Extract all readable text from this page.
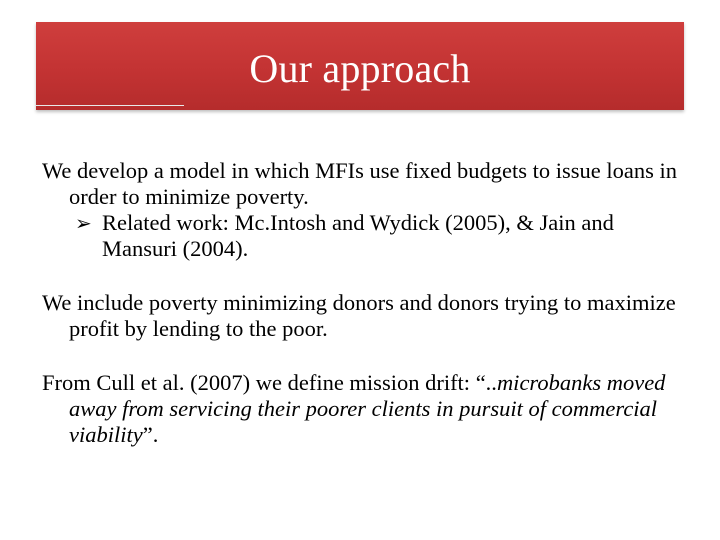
Our approach

We develop a model in which MFIs use fixed budgets to issue loans in order to minimize poverty.

➢ Related work: Mc.Intosh and Wydick (2005), & Jain and Mansuri (2004).

We include poverty minimizing donors and donors trying to maximize profit by lending to the poor.

From Cull et al. (2007) we define mission drift: “..microbanks moved away from servicing their poorer clients in pursuit of commercial viability”.
